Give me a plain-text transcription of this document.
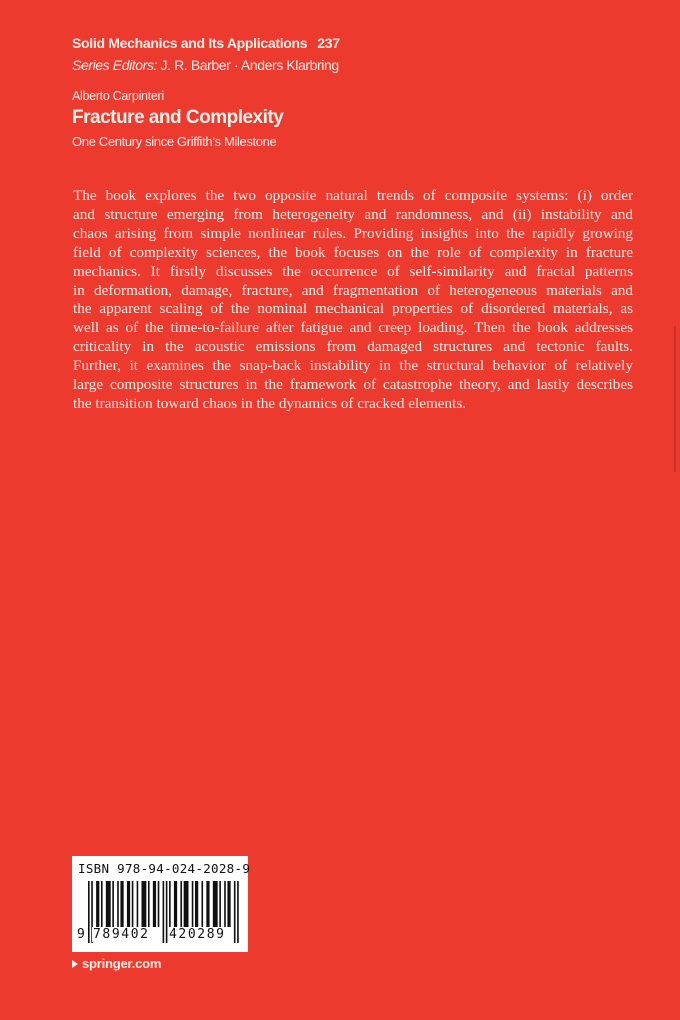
Solid Mechanics and Its Applications 237
Series Editors: J. R. Barber · Anders Klarbring
Alberto Carpinteri
Fracture and Complexity
One Century since Griffith’s Milestone

The book explores the two opposite natural trends of composite systems: (i) order
and structure emerging from heterogeneity and randomness, and (ii) instability and
chaos arising from simple nonlinear rules. Providing insights into the rapidly growing
field of complexity sciences, the book focuses on the role of complexity in fracture
mechanics. It firstly discusses the occurrence of self-similarity and fractal patterns
in deformation, damage, fracture, and fragmentation of heterogeneous materials and
the apparent scaling of the nominal mechanical properties of disordered materials, as
well as of the time-to-failure after fatigue and creep loading. Then the book addresses
criticality in the acoustic emissions from damaged structures and tectonic faults.
Further, it examines the snap-back instability in the structural behavior of relatively
large composite structures in the framework of catastrophe theory, and lastly describes
the transition toward chaos in the dynamics of cracked elements.

ISBN 978-94-024-2028-9
9 789402 420289
springer.com
